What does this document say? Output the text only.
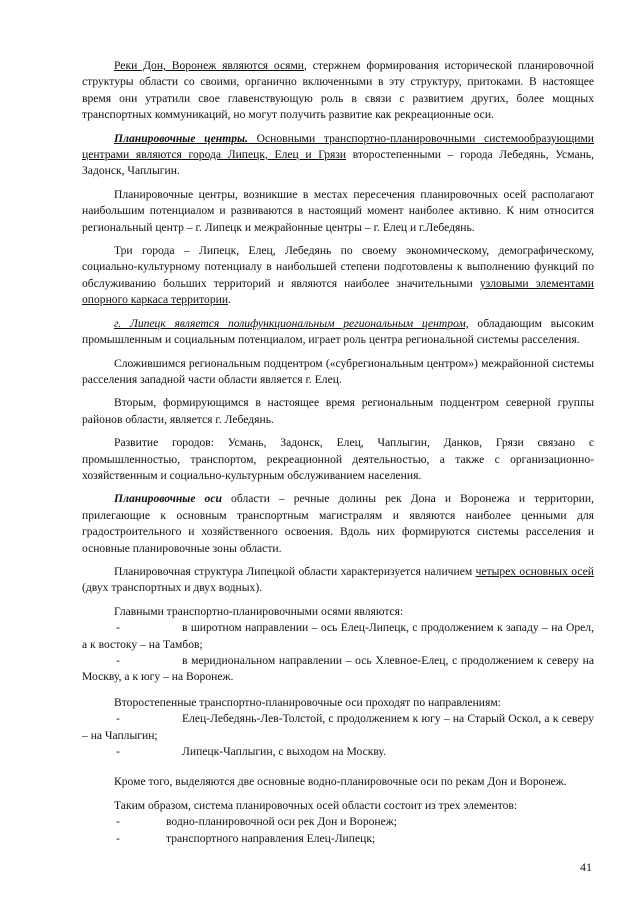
Реки Дон, Воронеж являются осями, стержнем формирования исторической планировочной структуры области со своими, органично включенными в эту структуру, притоками. В настоящее время они утратили свое главенствующую роль в связи с развитием других, более мощных транспортных коммуникаций, но могут получить развитие как рекреационные оси.

Планировочные центры. Основными транспортно-планировочными системообразующими центрами являются города Липецк, Елец и Грязи второстепенными – города Лебедянь, Усмань, Задонск, Чаплыгин.

Планировочные центры, возникшие в местах пересечения планировочных осей располагают наибольшим потенциалом и развиваются в настоящий момент наиболее активно. К ним относится региональный центр – г. Липецк и межрайонные центры – г. Елец и г.Лебедянь.

Три города – Липецк, Елец, Лебедянь по своему экономическому, демографическому, социально-культурному потенциалу в наибольшей степени подготовлены к выполнению функций по обслуживанию больших территорий и являются наиболее значительными узловыми элементами опорного каркаса территории.

г. Липецк является полифункциональным региональным центром, обладающим высоким промышленным и социальным потенциалом, играет роль центра региональной системы расселения.

Сложившимся региональным подцентром («субрегиональным центром») межрайонной системы расселения западной части области является г. Елец.

Вторым, формирующимся в настоящее время региональным подцентром северной группы районов области, является г. Лебедянь.

Развитие городов: Усмань, Задонск, Елец, Чаплыгин, Данков, Грязи связано с промышленностью, транспортом, рекреационной деятельностью, а также с организационно-хозяйственным и социально-культурным обслуживанием населения.

Планировочные оси области – речные долины рек Дона и Воронежа и территории, прилегающие к основным транспортным магистралям и являются наиболее ценными для градостроительного и хозяйственного освоения. Вдоль них формируются системы расселения и основные планировочные зоны области.

Планировочная структура Липецкой области характеризуется наличием четырех основных осей (двух транспортных и двух водных).

Главными транспортно-планировочными осями являются:

-	в широтном направлении – ось Елец-Липецк, с продолжением к западу – на Орел, а к востоку – на Тамбов;

-	в меридиональном направлении – ось Хлевное-Елец, с продолжением к северу на Москву, а к югу – на Воронеж.

Второстепенные транспортно-планировочные оси проходят по направлениям:

-	Елец-Лебедянь-Лев-Толстой, с продолжением к югу – на Старый Оскол, а к северу – на Чаплыгин;

-	Липецк-Чаплыгин, с выходом на Москву.

Кроме того, выделяются две основные водно-планировочные оси по рекам Дон и Воронеж.

Таким образом, система планировочных осей области состоит из трех элементов:

-	водно-планировочной оси рек Дон и Воронеж;

-	транспортного направления Елец-Липецк;

41
